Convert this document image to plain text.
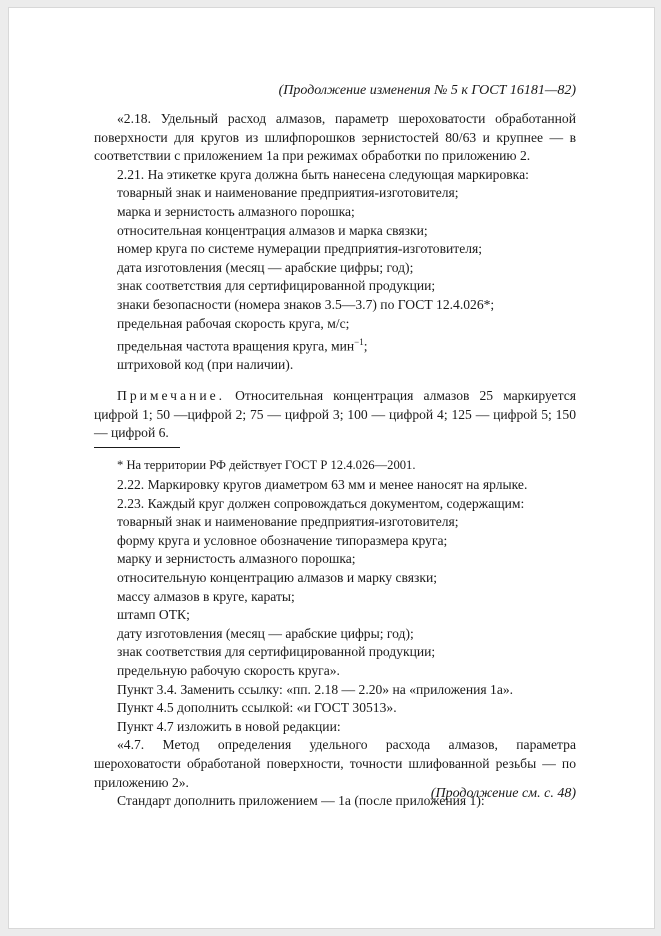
(Продолжение изменения № 5 к ГОСТ 16181—82)

«2.18. Удельный расход алмазов, параметр шероховатости обработанной поверхности для кругов из шлифпорошков зернистостей 80/63 и крупнее — в соответствии с приложением 1а при режимах обработки по приложению 2.

2.21. На этикетке круга должна быть нанесена следующая маркировка:

товарный знак и наименование предприятия-изготовителя;

марка и зернистость алмазного порошка;

относительная концентрация алмазов и марка связки;

номер круга по системе нумерации предприятия-изготовителя;

дата изготовления (месяц — арабские цифры; год);

знак соответствия для сертифицированной продукции;

знаки безопасности (номера знаков 3.5—3.7) по ГОСТ 12.4.026*;

предельная рабочая скорость круга, м/с;

предельная частота вращения круга, мин$^{-1}$;

штриховой код (при наличии).

Примечание. Относительная концентрация алмазов 25 маркируется цифрой 1; 50 —цифрой 2; 75 — цифрой 3; 100 — цифрой 4; 125 — цифрой 5; 150 — цифрой 6.

* На территории РФ действует ГОСТ Р 12.4.026—2001.

2.22. Маркировку кругов диаметром 63 мм и менее наносят на ярлыке.

2.23. Каждый круг должен сопровождаться документом, содержащим:

товарный знак и наименование предприятия-изготовителя;

форму круга и условное обозначение типоразмера круга;

марку и зернистость алмазного порошка;

относительную концентрацию алмазов и марку связки;

массу алмазов в круге, караты;

штамп ОТК;

дату изготовления (месяц — арабские цифры; год);

знак соответствия для сертифицированной продукции;

предельную рабочую скорость круга».

Пункт 3.4. Заменить ссылку: «пп. 2.18 — 2.20» на «приложения 1а».

Пункт 4.5 дополнить ссылкой: «и ГОСТ 30513».

Пункт 4.7 изложить в новой редакции:

«4.7. Метод определения удельного расхода алмазов, параметра шероховатости обработаной поверхности, точности шлифованной резьбы — по приложению 2».

Стандарт дополнить приложением — 1а (после приложения 1):

(Продолжение см. с. 48)
